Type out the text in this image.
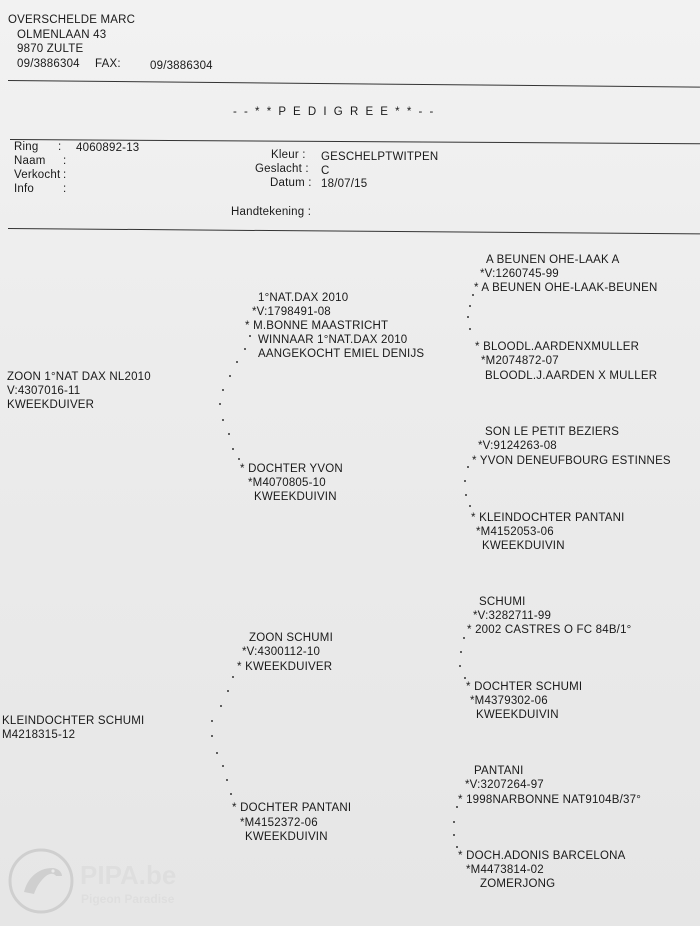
OVERSCHELDE MARC
OLMENLAAN 43
9870 ZULTE
09/3886304 FAX:	09/3886304
- - * * P E D I G R E E * * - -
Ring : 4060892-13
Naam :
Verkocht :
Info	:
Kleur : GESCHELPTWITPEN
Geslacht : C
Datum : 18/07/15
Handtekening :
ZOON 1°NAT DAX NL2010
V:4307016-11
KWEEKDUIVER
KLEINDOCHTER SCHUMI
M4218315-12
1°NAT.DAX 2010
*V:1798491-08
* M.BONNE MAASTRICHT
WINNAAR 1°NAT.DAX 2010
AANGEKOCHT EMIEL DENIJS
* DOCHTER YVON
*M4070805-10
KWEEKDUIVIN
ZOON SCHUMI
*V:4300112-10
* KWEEKDUIVER
* DOCHTER PANTANI
*M4152372-06
KWEEKDUIVIN
A BEUNEN OHE-LAAK A
*V:1260745-99
* A BEUNEN OHE-LAAK-BEUNEN
* BLOODL.AARDENXMULLER
*M2074872-07
BLOODL.J.AARDEN X MULLER
SON LE PETIT BEZIERS
*V:9124263-08
* YVON DENEUFBOURG ESTINNES
* KLEINDOCHTER PANTANI
*M4152053-06
KWEEKDUIVIN
SCHUMI
*V:3282711-99
* 2002 CASTRES O FC 84B/1°
* DOCHTER SCHUMI
*M4379302-06
KWEEKDUIVIN
PANTANI
*V:3207264-97
* 1998NARBONNE NAT9104B/37°
* DOCH.ADONIS BARCELONA
*M4473814-02
ZOMERJONG
PIPA.be
Pigeon Paradise
